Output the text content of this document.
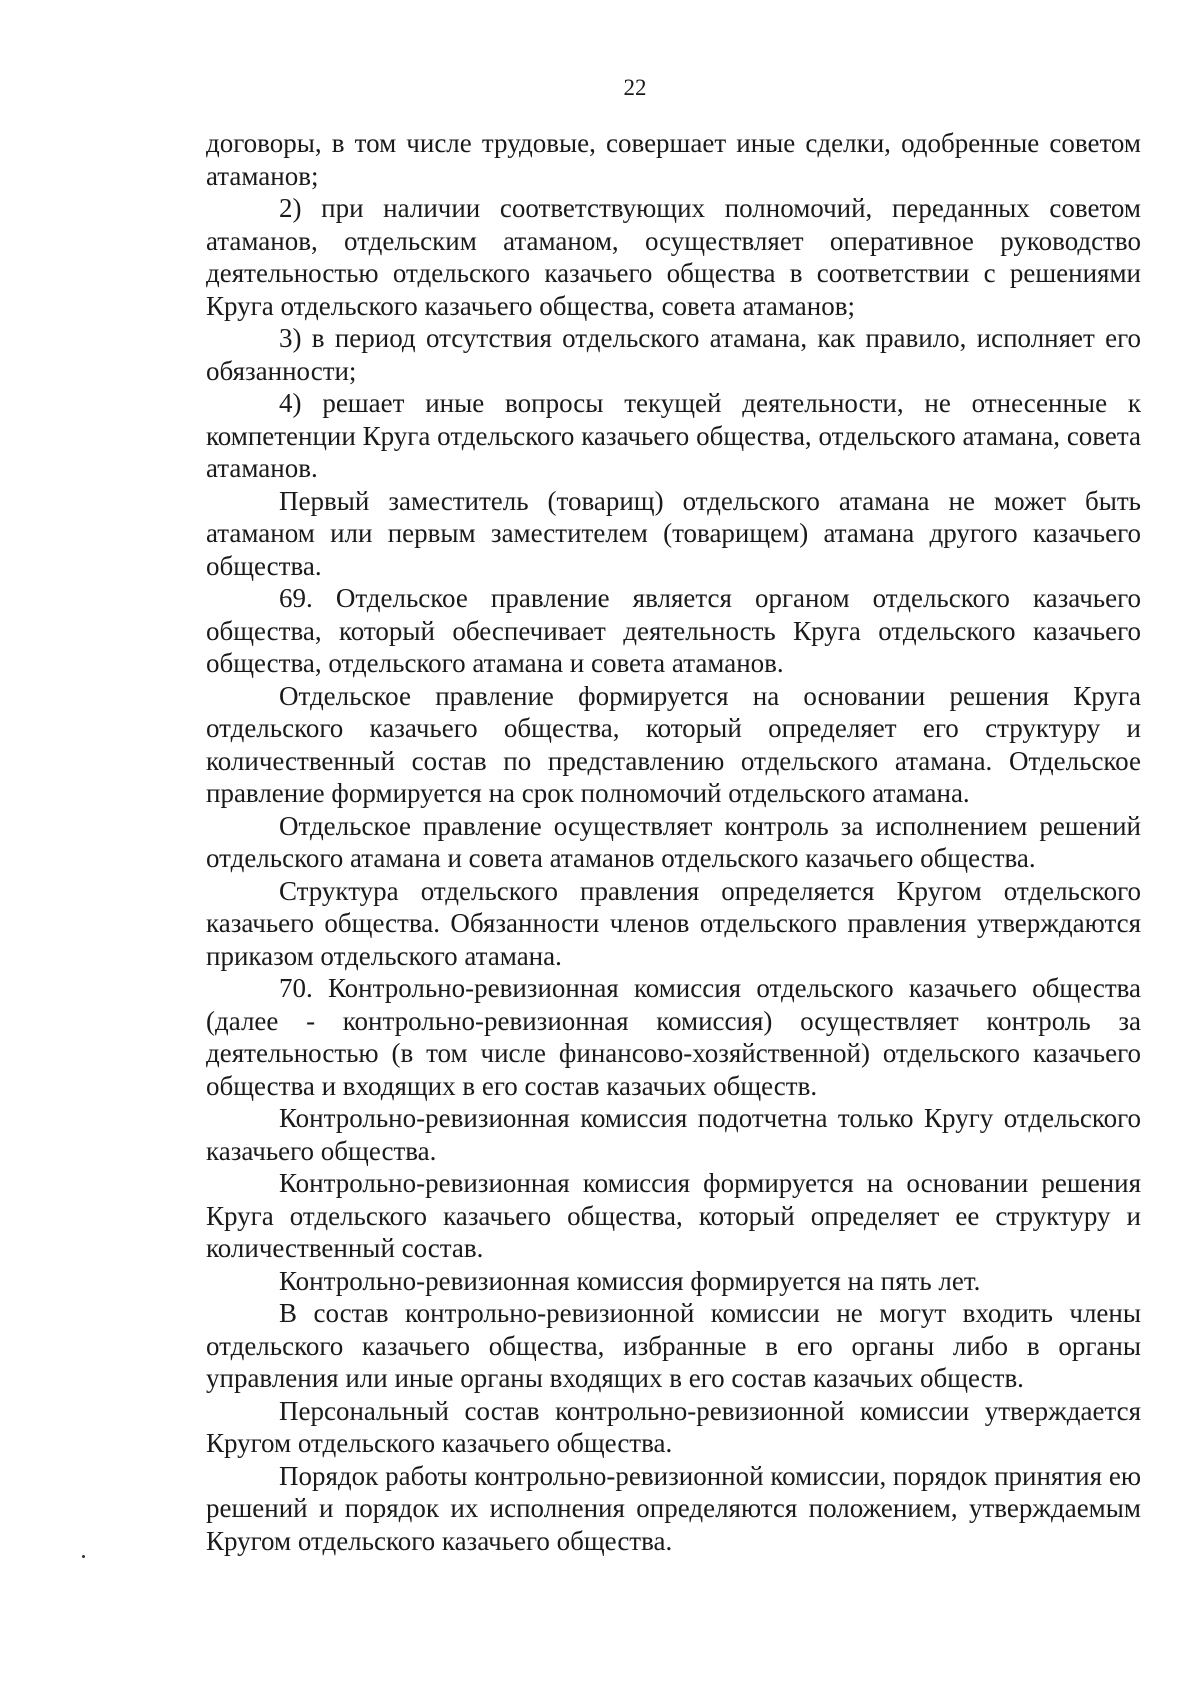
22

договоры, в том числе трудовые, совершает иные сделки, одобренные советом атаманов;

2) при наличии соответствующих полномочий, переданных советом атаманов, отдельским атаманом, осуществляет оперативное руководство деятельностью отдельского казачьего общества в соответствии с решениями Круга отдельского казачьего общества, совета атаманов;

3) в период отсутствия отдельского атамана, как правило, исполняет его обязанности;

4) решает иные вопросы текущей деятельности, не отнесенные к компетенции Круга отдельского казачьего общества, отдельского атамана, совета атаманов.

Первый заместитель (товарищ) отдельского атамана не может быть атаманом или первым заместителем (товарищем) атамана другого казачьего общества.

69. Отдельское правление является органом отдельского казачьего общества, который обеспечивает деятельность Круга отдельского казачьего общества, отдельского атамана и совета атаманов.

Отдельское правление формируется на основании решения Круга отдельского казачьего общества, который определяет его структуру и количественный состав по представлению отдельского атамана. Отдельское правление формируется на срок полномочий отдельского атамана.

Отдельское правление осуществляет контроль за исполнением решений отдельского атамана и совета атаманов отдельского казачьего общества.

Структура отдельского правления определяется Кругом отдельского казачьего общества. Обязанности членов отдельского правления утверждаются приказом отдельского атамана.

70. Контрольно-ревизионная комиссия отдельского казачьего общества (далее - контрольно-ревизионная комиссия) осуществляет контроль за деятельностью (в том числе финансово-хозяйственной) отдельского казачьего общества и входящих в его состав казачьих обществ.

Контрольно-ревизионная комиссия подотчетна только Кругу отдельского казачьего общества.

Контрольно-ревизионная комиссия формируется на основании решения Круга отдельского казачьего общества, который определяет ее структуру и количественный состав.

Контрольно-ревизионная комиссия формируется на пять лет.

В состав контрольно-ревизионной комиссии не могут входить члены отдельского казачьего общества, избранные в его органы либо в органы управления или иные органы входящих в его состав казачьих обществ.

Персональный состав контрольно-ревизионной комиссии утверждается Кругом отдельского казачьего общества.

Порядок работы контрольно-ревизионной комиссии, порядок принятия ею решений и порядок их исполнения определяются положением, утверждаемым Кругом отдельского казачьего общества.
